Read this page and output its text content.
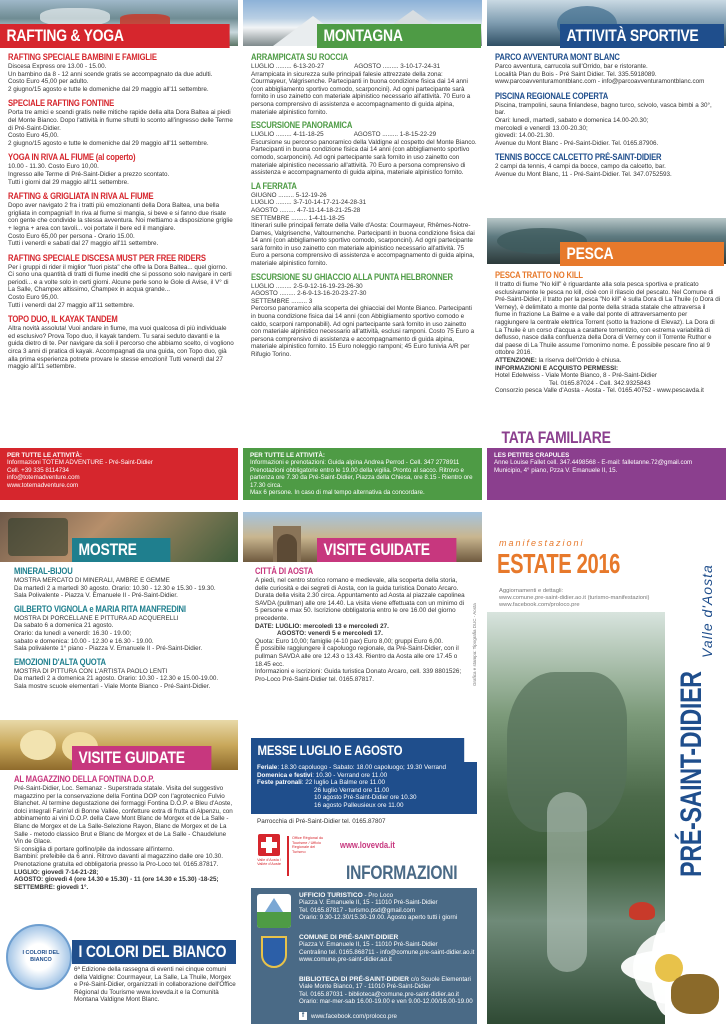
RAFTING & YOGA	MONTAGNA	ATTIVITÀ SPORTIVE
RAFTING SPECIALE BAMBINI E FAMIGLIE
Discesa Express ore 13.00 - 15.00.
Un bambino da 8 - 12 anni scende gratis se accompagnato da due adulti.
Costo Euro 45,00 per adulto.
2 giugno/15 agosto e tutte le domeniche dal 29 maggio all'11 settembre.
SPECIALE RAFTING FONTINE
Porta tre amici e scendi gratis nelle mitiche rapide della alta Dora Baltea ai piedi del Monte Bianco. Dopo l'attività in fiume sfrutti lo sconto all'ingresso delle Terme di Pré-Saint-Didier.
Costo Euro 45,00.
2 giugno/15 agosto e tutte le domeniche dal 29 maggio all'11 settembre.
YOGA IN RIVA AL FIUME (al coperto)
10.00 - 11.30. Costo Euro 10,00.
Ingresso alle Terme di Pré-Saint-Didier a prezzo scontato.
Tutti i giorni dal 29 maggio all'11 settembre.
RAFTING & GRIGLIATA IN RIVA AL FIUME
Dopo aver navigato 2 fra i tratti più emozionanti della Dora Baltea, una bella grigliata in compagnia!! In riva al fiume si mangia, si beve e si fanno due risate con gente che condivide la stessa avventura. Noi mettiamo a disposizione griglie + legna + area con tavoli... voi portate il bere ed il mangiare.
Costo Euro 65,00 per persona - Orario 15.00.
Tutti i venerdì e sabati dal 27 maggio all'11 settembre.
RAFTING SPECIALE DISCESA MUST PER FREE RIDERS
Per i gruppi di rider il miglior "fuori pista" che offre la Dora Baltea... quel giorno. Ci sono una quantità di tratti di fiume inediti che si possono solo navigare in certi periodi... e a volte solo in certi giorni. Alcune perle sono le Gole di Avise, il V° di La Salle, Champex altissimo, Champex in acqua grande...
Costo Euro 95,00.
Tutti i venerdì dal 27 maggio all'11 settembre.
TOPO DUO, IL KAYAK TANDEM
Altra novità assoluta! Vuoi andare in fiume, ma vuoi qualcosa di più individuale ed esclusivo? Prova Topo duo, il kayak tandem. Tu sarai seduto davanti e la guida dietro di te. Per navigare da soli il percorso che abbiamo scelto, ci vogliono circa 3 anni di pratica di kayak. Accompagnati da una guida, con Topo duo, già alla prima esperienza potrete provare le stesse emozioni! Tutti venerdì dal 27 maggio all'11 settembre.
PER TUTTE LE ATTIVITÀ:
Informazioni TOTEM ADVENTURE - Pré-Saint-Didier
Cell. +39 335 8114734
info@totemadventure.com
www.totemadventure.com
ARRAMPICATA SU ROCCIA
LUGLIO ......... 6-13-20-27	AGOSTO ......... 3-10-17-24-31
Arrampicata in sicurezza sulle principali falesie attrezzate della zona: Courmayeur, Valgrisenche. Partecipanti in buona condizione fisica dai 14 anni (con abbigliamento sportivo comodo, scarponcini). Ad ogni partecipante sarà fornito in uso zainetto con materiale alpinistico necessario all'attività. 70 Euro a persona comprensivo di assistenza e accompagnamento di guida alpina, materiale alpinistico fornito.
ESCURSIONE PANORAMICA
LUGLIO ......... 4-11-18-25	AGOSTO ......... 1-8-15-22-29
Escursione su percorso panoramico della Valdigne al cospetto del Monte Bianco. Partecipanti in buona condizione fisica dai 14 anni (con abbigliamento sportivo comodo, scarponcini). Ad ogni partecipante sarà fornito in uso zainetto con materiale alpinistico necessario all'attività. 70 Euro a persona comprensivo di assistenza e accompagnamento di guida alpina, materiale alpinistico fornito.
LA FERRATA
GIUGNO ......... 5-12-19-26
LUGLIO ......... 3-7-10-14-17-21-24-28-31
AGOSTO ......... 4-7-11-14-18-21-25-28
SETTEMBRE ......... 1-4-11-18-25
Itinerari sulle principali ferrate della Valle d'Aosta: Courmayeur, Rhêmes-Notre-Dames, Valgrisenche, Valtournenche. Partecipanti in buona condizione fisica dai 14 anni (con abbigliamento sportivo comodo, scarponcini). Ad ogni partecipante sarà fornito in uso zainetto con materiale alpinistico necessario all'attività. 75 Euro a persona comprensivo di assistenza e accompagnamento di guida alpina, materiale alpinistico fornito.
ESCURSIONE SU GHIACCIO ALLA PUNTA HELBRONNER
LUGLIO ......... 2-5-9-12-16-19-23-26-30
AGOSTO ......... 2-6-9-13-16-20-23-27-30
SETTEMBRE ......... 3
Percorso panoramico alla scoperta dei ghiacciai del Monte Bianco. Partecipanti in buona condizione fisica dai 14 anni (con Abbigliamento sportivo comodo e caldo, scarponi ramponabili). Ad ogni partecipante sarà fornito in uso zainetto con materiale alpinistico necessario all'attività, esclusi ramponi. Costo 75 Euro a persona comprensivo di assistenza e accompagnamento di guida alpina, materiale alpinistico fornito. 15 Euro noleggio ramponi; 45 Euro funivia A/R per Rifugio Torino.
PER TUTTE LE ATTIVITÀ:
Informazioni e prenotazioni: Guida alpina Andrea Perrod - Cell. 347 2778911
Prenotazioni obbligatorie entro le 19.00 della vigilia. Pronto al sacco. Ritrovo e partenza ore 7.30 da Pré-Saint-Didier, Piazza della Chiesa, ore 8.15 - Rientro ore 17.30 circa.
Max 6 persone. In caso di mal tempo alternativa da concordare.
PARCO AVVENTURA MONT BLANC
Parco avventura, carrucola sull'Orrido, bar e ristorante.
Località Plan du Bois - Pré Saint Didier. Tel. 335.5918089.
www.parcoavventuramontblanc.com - info@parcoavventuramontblanc.com
PISCINA REGIONALE COPERTA
Piscina, trampolini, sauna finlandese, bagno turco, scivolo, vasca bimbi a 30°, bar.
Orari: lunedì, martedì, sabato e domenica 14.00-20.30;
mercoledì e venerdì 13.00-20.30;
giovedì: 14.00-21.30.
Avenue du Mont Blanc - Pré-Saint-Didier. Tel. 0165.87906.
TENNIS BOCCE CALCETTO PRÉ-SAINT-DIDIER
2 campi da tennis, 4 campi da bocce, campo da calcetto, bar.
Avenue du Mont Blanc, 11 - Pré-Saint-Didier. Tel. 347.0752593.
PESCA
PESCA TRATTO NO KILL
Il tratto di fiume "No kill" è riguardante alla sola pesca sportiva e praticato esclusivamente le pesca no kill, cioè con il rilascio del pescato. Nel Comune di Pré-Saint-Didier, il tratto per la pesca "No kill" è sulla Dora di La Thuile (o Dora di Verney), è delimitato a monte dal ponte della strada statale che attraversa il fiume in frazione La Balme e a valle dal ponte di attraversamento per raggiungere la centrale elettrica Torrent (sotto la frazione di Elevaz). La Dora di La Thuile è un corso d'acqua a carattere torrentizio, con estrema variabilità di deflusso, nasce dalla confluenza della Dora di Verney con il Torrente Ruthor e dal paese di La Thuile assume l'omonimo nome. È possibile pescare fino al 9 ottobre 2016.
ATTENZIONE: la riserva dell'Orrido è chiusa.
INFORMAZIONI E ACQUISTO PERMESSI:
Hotel Edelweiss - Viale Monte Bianco, 8 - Pré-Saint-Didier
Tel. 0165.87024 - Cell. 342.9325843
Consorzio pesca Valle d'Aosta - Aosta - Tel. 0165.40752 - www.pescavda.it
TATA FAMILIARE
LES PETITES CRAPULES
Anne Louise Fallet cell. 347.4498568 - E-mail: falletanne.72@gmail.com
Municipio, 4° piano, Pzza V. Emanuele II, 15.
MOSTRE
MINERAL-BIJOU
MOSTRA MERCATO DI MINERALI, AMBRE E GEMME
Da martedì 2 a martedì 30 agosto. Orario: 10.30 - 12.30 e 15.30 - 19.30.
Sala Polivalente - Piazza V. Emanuele II - Pré-Saint-Didier.
GILBERTO VIGNOLA e MARIA RITA MANFREDINI
MOSTRA DI PORCELLANE E PITTURA AD ACQUERELLI
Da sabato 6 a domenica 21 agosto.
Orario: da lunedì a venerdì: 16.30 - 19.00;
sabato e domenica: 10.00 - 12.30 e 16.30 - 19.00.
Sala polivalente 1° piano - Piazza V. Emanuele II - Pré-Saint-Didier.
EMOZIONI D'ALTA QUOTA
MOSTRA DI PITTURA CON L'ARTISTA PAOLO LENTI
Da martedì 2 a domenica 21 agosto. Orario: 10.30 - 12.30 e 15.00-19.00.
Sala mostre scuole elementari - Viale Monte Bianco - Pré-Saint-Didier.
VISITE GUIDATE
AL MAGAZZINO DELLA FONTINA D.O.P.
Pré-Saint-Didier, Loc. Semanaz - Superstrada statale. Visita del suggestivo magazzino per la conservazione della Fontina DOP con l'agrotecnico Fulvio Blanchet. Al termine degustazione dei formaggi Fontina D.O.P. e Bleu d'Aoste, dolci integrali Farin'el di Bonne Vallée, confetture extra di frutta di Alpenzu, con abbinamento ai vini D.O.P. della Cave Mont Blanc de Morgex et de La Salle - Blanc de Morgex et de La Salle-Selezione Rayon, Blanc de Morgex et de La Salle - metodo classico Brut e Blanc de Morgex et de La Salle - Chaudelune Vin de Glace.
Si consiglia di portare golfino/pile da indossare all'interno.
Bambini: prefeibile da 6 anni. Ritrovo davanti al magazzino dalle ore 10.30.
Prenotazione gratuita ed obbligatoria presso la Pro-Loco tel. 0165.87817.
LUGLIO: giovedì 7-14-21-28;
AGOSTO: giovedì 4 (ore 14.30 e 15.30) - 11 (ore 14.30 e 15.30) -18-25;
SETTEMBRE: giovedì 1°.
I COLORI DEL BIANCO	I COLORI DEL BIANCO
6ª Edizione della rassegna di eventi nei cinque comuni della Valdigne: Courmayeur, La Salle, La Thuile, Morgex e Pré-Saint-Didier, organizzati in collaborazione dell'Office Régional du Tourisme www.lovevda.it e la Comunità Montana Valdigne Mont Blanc.
VISITE GUIDATE
CITTÀ DI AOSTA
A piedi, nel centro storico romano e medievale, alla scoperta della storia, delle curiosità e dei segreti di Aosta, con la guida turistica Donato Arcaro. Durata della visita 2.30 circa. Appuntamento ad Aosta al piazzale capolinea SAVDA (pullman) alle ore 14.40. La visita viene effettuata con un minimo di 5 persone e max 50. Iscrizione obbligatoria entro le ore 16.00 del giorno precedente.
DATE: LUGLIO: mercoledì 13 e mercoledì 27.
AGOSTO: venerdì 5 e mercoledì 17.
Quota: Euro 10,00; famiglie (4-10 pax) Euro 8,00; gruppi Euro 6,00.
È possibile raggiungere il capoluogo regionale, da Pré-Saint-Didier, con il pullman SAVDA alle ore 12.43 o 13.43. Rientro da Aosta alle ore 17.45 o 18.45 ecc.
Informazioni e iscrizioni: Guida turistica Donato Arcaro, cell. 339 8801526; Pro-Loco Pré-Saint-Didier tel. 0165.87817.	Grafica e stampa: Tipografia DUC - Aosta
MESSE LUGLIO E AGOSTO
Feriale: 18.30 capoluogo - Sabato: 18.00 capoluogo; 19.30 Verrand
Domenica e festivi: 10.30 - Verrand ore 11.00
Feste patronali: 22 luglio La Balme ore 11.00
26 luglio Verrand ore 11.00
10 agosto Pré-Saint-Didier ore 10.30
16 agosto Palleusieux ore 11.00
Parrocchia di Pré-Saint-Didier tel. 0165.87807
Valle d'Aosta / Vallée d'Aoste
Office Régional du Tourisme / Ufficio Regionale del Turismo
www.lovevda.it
INFORMAZIONI
UFFICIO TURISTICO - Pro Loco
Piazza V. Emanuele II, 15 - 11010 Pré-Saint-Didier
Tel. 0165.87817 - turismo.psd@gmail.com
Orario: 9.30-12.30/15.30-19.00. Agosto aperto tutti i giorni
COMUNE DI PRÉ-SAINT-DIDIER
Piazza V. Emanuele II, 15 - 11010 Pré-Saint-Didier
Centralino tel. 0165.868711 - info@comune.pre-saint-didier.ao.it
www.comune.pre-saint-didier.ao.it
BIBLIOTECA DI PRÉ-SAINT-DIDIER c/o Scuole Elementari
Viale Monte Bianco, 17 - 11010 Pré-Saint-Didier
Tel. 0165.87031 - biblioteca@comune.pre-saint-didier.ao.it
Orario: mar-mer-sab 16.00-19.00 e ven 9.00-12.00/16.00-19.00
f	www.facebook.com/proloco.pre
manifestazioni
ESTATE 2016
Aggiornamenti e dettagli:
www.comune.pre-saint-didier.ao.it (turismo-manifestazioni)
www.facebook.com/proloco.pre
PRÉ-SAINT-DIDIER
Valle d'Aosta
